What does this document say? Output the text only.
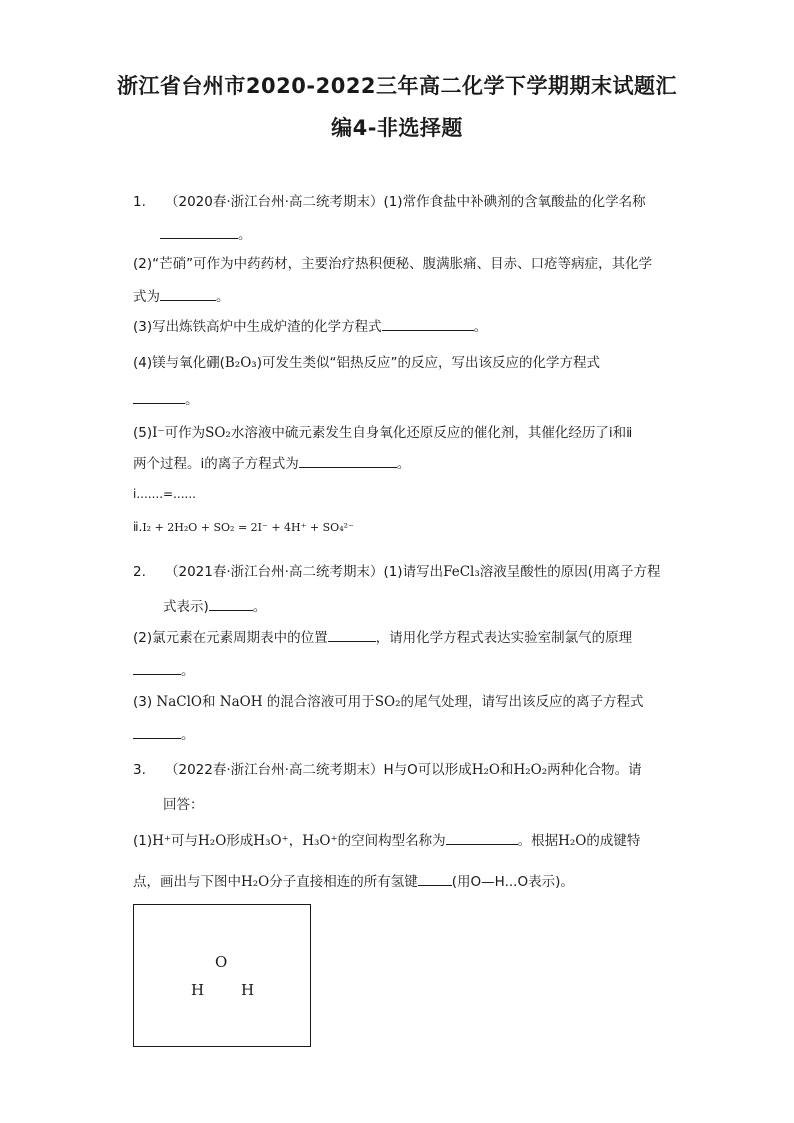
浙江省台州市2020-2022三年高二化学下学期期末试题汇
编4-非选择题
1. （2020春·浙江台州·高二统考期末）(1)常作食盐中补碘剂的含氧酸盐的化学名称
。
(2)“芒硝”可作为中药药材，主要治疗热积便秘、腹满胀痛、目赤、口疮等病症，其化学
式为	。
(3)写出炼铁高炉中生成炉渣的化学方程式	。
(4)镁与氧化硼(B₂O₃)可发生类似“铝热反应”的反应，写出该反应的化学方程式
。
(5)I⁻可作为SO₂水溶液中硫元素发生自身氧化还原反应的催化剂，其催化经历了ⅰ和ⅱ
两个过程。ⅰ的离子方程式为	。
ⅰ.......=......
ⅱ.I₂ + 2H₂O + SO₂ = 2I⁻ + 4H⁺ + SO₄²⁻
2. （2021春·浙江台州·高二统考期末）(1)请写出FeCl₃溶液呈酸性的原因(用离子方程
式表示)	。
(2)氯元素在元素周期表中的位置	，请用化学方程式表达实验室制氯气的原理
。
(3) NaClO和 NaOH 的混合溶液可用于SO₂的尾气处理，请写出该反应的离子方程式
。
3. （2022春·浙江台州·高二统考期末）H与O可以形成H₂O和H₂O₂两种化合物。请
回答：
(1)H⁺可与H₂O形成H₃O⁺，H₃O⁺的空间构型名称为	。根据H₂O的成键特
点，画出与下图中H₂O分子直接相连的所有氢键	(用O—H...O表示)。
O
H H
